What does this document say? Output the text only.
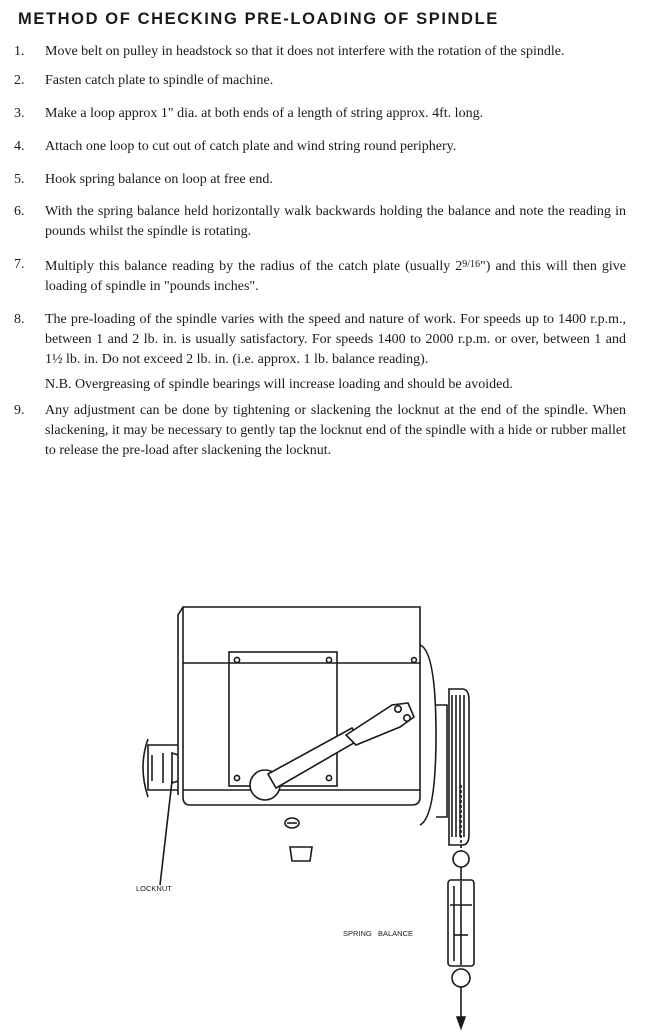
METHOD OF CHECKING PRE-LOADING OF SPINDLE
1.	Move belt on pulley in headstock so that it does not interfere with the rotation of the spindle.
2.	Fasten catch plate to spindle of machine.
3.	Make a loop approx 1" dia. at both ends of a length of string approx. 4ft. long.
4.	Attach one loop to cut out of catch plate and wind string round periphery.
5.	Hook spring balance on loop at free end.
6.	With the spring balance held horizontally walk backwards holding the balance and note the reading in pounds whilst the spindle is rotating.
7.	Multiply this balance reading by the radius of the catch plate (usually $2^{9/16}$") and this will then give loading of spindle in "pounds inches".
8.	The pre-loading of the spindle varies with the speed and nature of work. For speeds up to 1400 r.p.m., between 1 and 2 lb. in. is usually satisfactory. For speeds 1400 to 2000 r.p.m. or over, between 1 and 1½ lb. in. Do not exceed 2 lb. in. (i.e. approx. 1 lb. balance reading).
N.B. Overgreasing of spindle bearings will increase loading and should be avoided.
9.	Any adjustment can be done by tightening or slackening the locknut at the end of the spindle. When slackening, it may be necessary to gently tap the locknut end of the spindle with a hide or rubber mallet to release the pre-load after slackening the locknut.
LOCKNUT
SPRING   BALANCE
